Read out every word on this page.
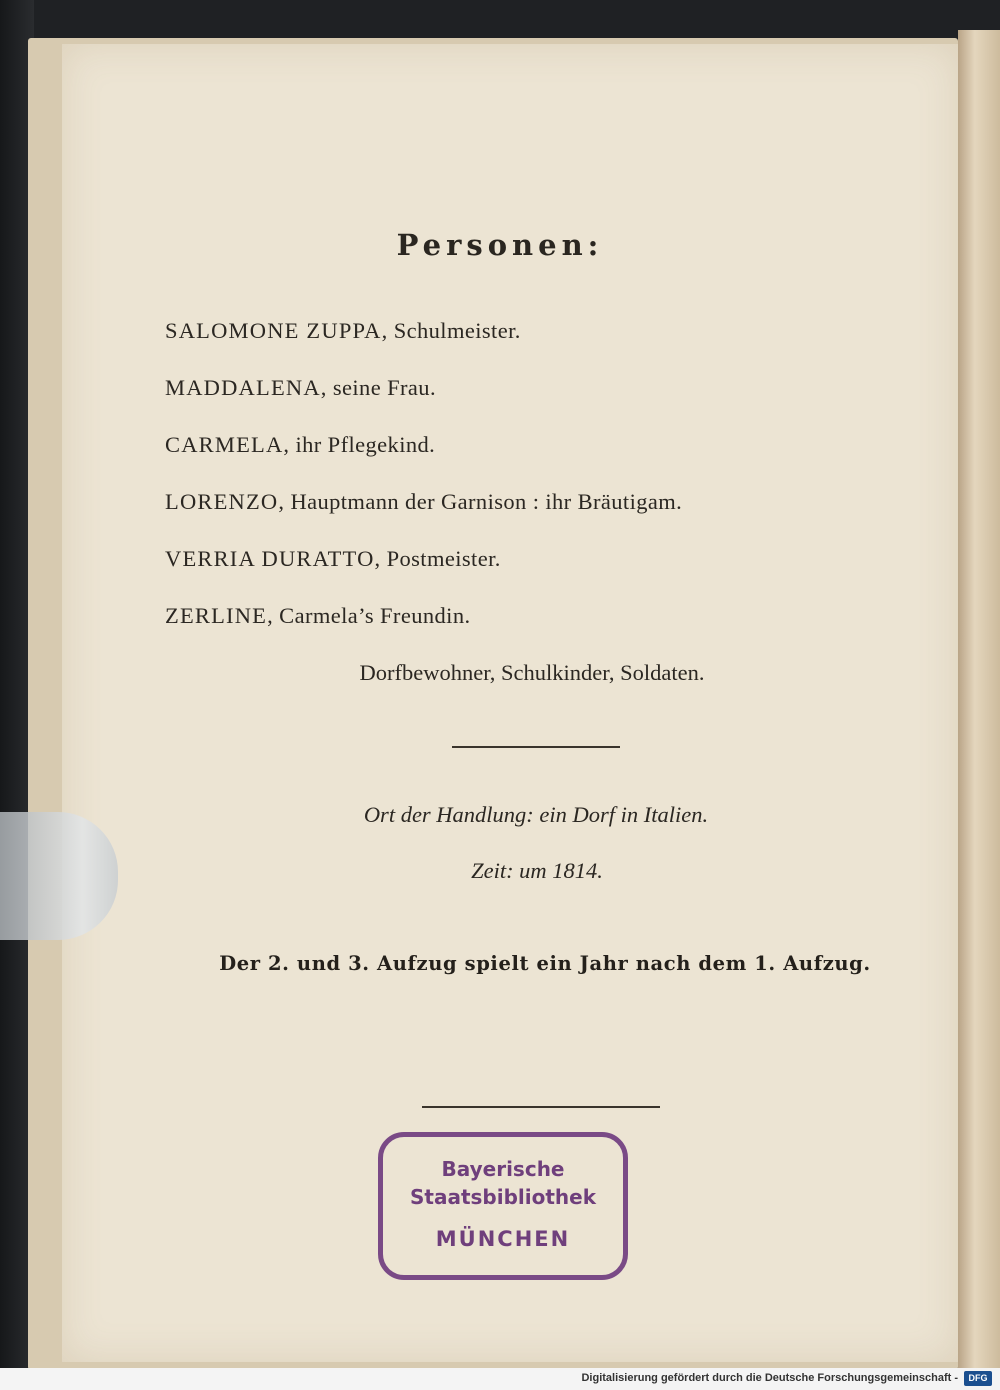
Personen:
SALOMONE ZUPPA, Schulmeister.
MADDALENA, seine Frau.
CARMELA, ihr Pflegekind.
LORENZO, Hauptmann der Garnison : ihr Bräutigam.
VERRIA DURATTO, Postmeister.
ZERLINE, Carmela’s Freundin.
Dorfbewohner, Schulkinder, Soldaten.
Ort der Handlung: ein Dorf in Italien.
Zeit: um 1814.
Der 2. und 3. Aufzug spielt ein Jahr nach dem 1. Aufzug.
Bayerische
Staatsbibliothek
MÜNCHEN
Digitalisierung gefördert durch die Deutsche Forschungsgemeinschaft -	DFG
